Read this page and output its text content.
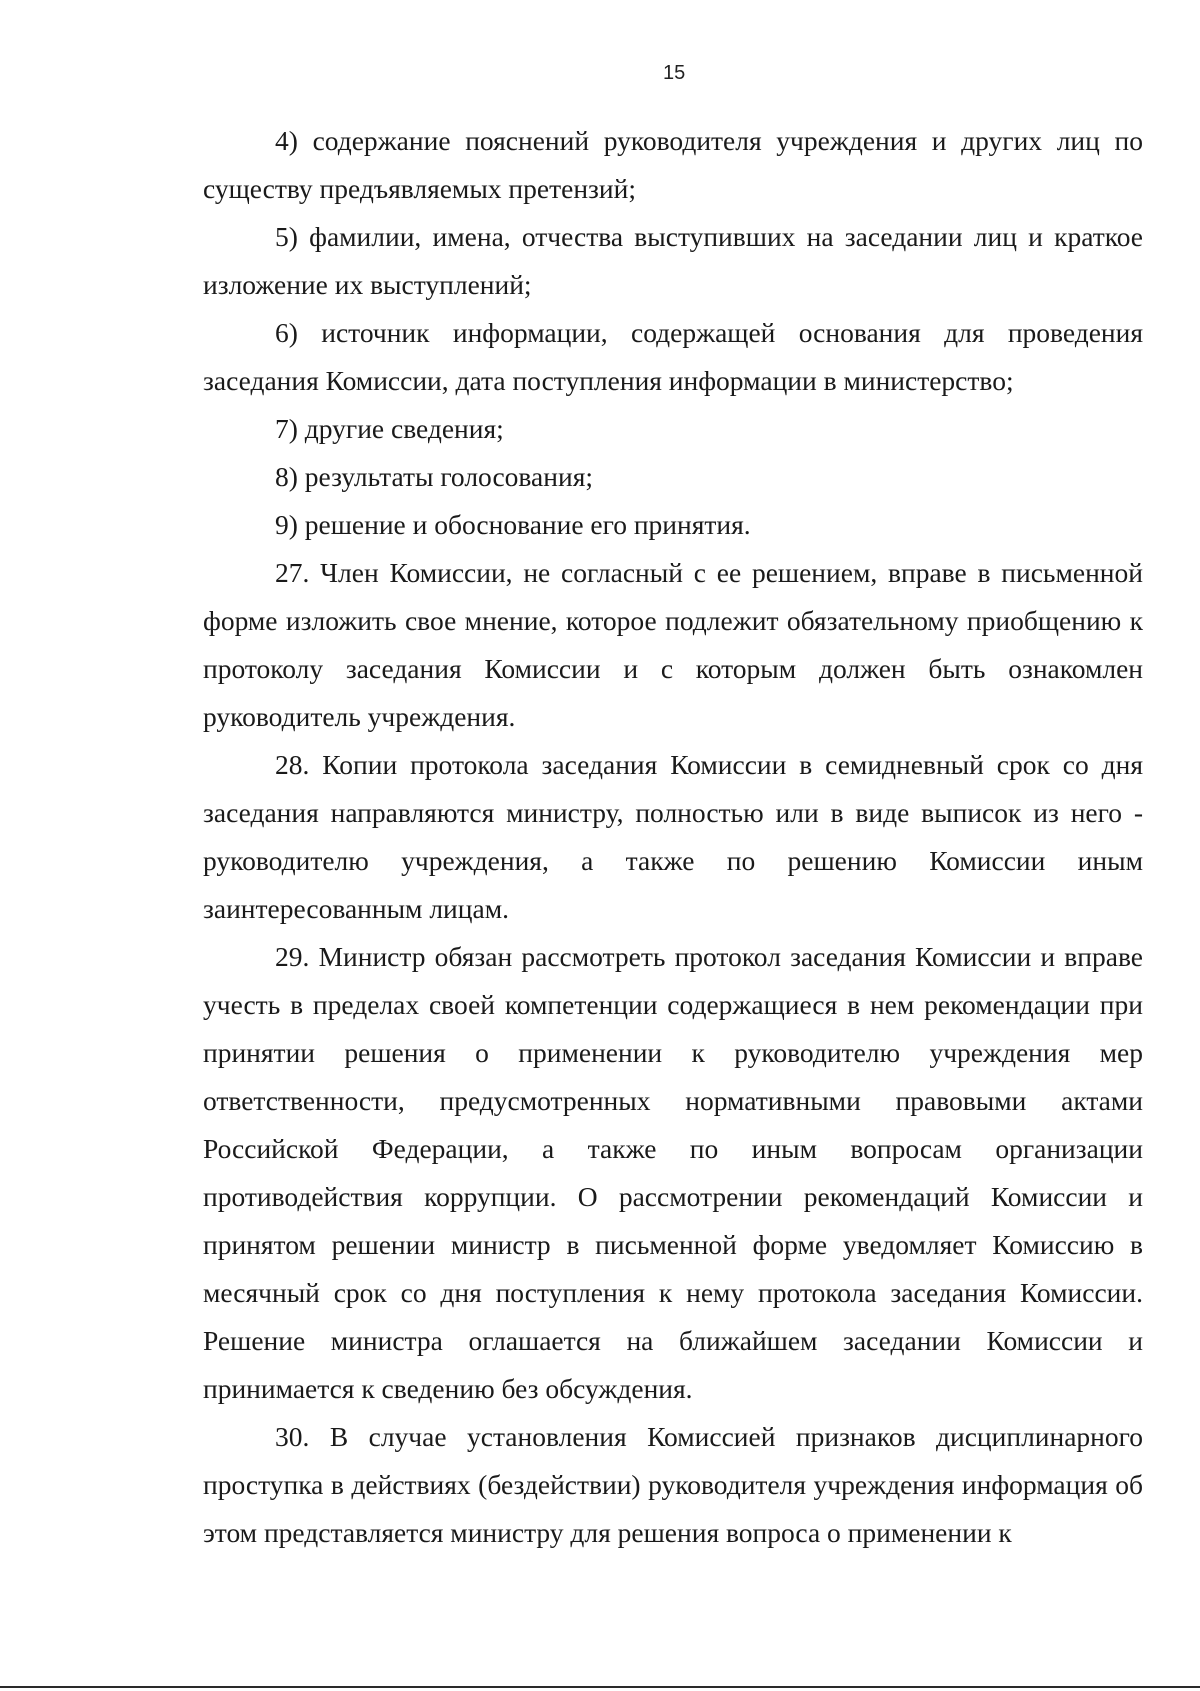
15

4) содержание пояснений руководителя учреждения и других лиц по существу предъявляемых претензий;

5) фамилии, имена, отчества выступивших на заседании лиц и краткое изложение их выступлений;

6) источник информации, содержащей основания для проведения заседания Комиссии, дата поступления информации в министерство;

7) другие сведения;

8) результаты голосования;

9) решение и обоснование его принятия.

27. Член Комиссии, не согласный с ее решением, вправе в письменной форме изложить свое мнение, которое подлежит обязательному приобщению к протоколу заседания Комиссии и с которым должен быть ознакомлен руководитель учреждения.

28. Копии протокола заседания Комиссии в семидневный срок со дня заседания направляются министру, полностью или в виде выписок из него - руководителю учреждения, а также по решению Комиссии иным заинтересованным лицам.

29. Министр обязан рассмотреть протокол заседания Комиссии и вправе учесть в пределах своей компетенции содержащиеся в нем рекомендации при принятии решения о применении к руководителю учреждения мер ответственности, предусмотренных нормативными правовыми актами Российской Федерации, а также по иным вопросам организации противодействия коррупции. О рассмотрении рекомендаций Комиссии и принятом решении министр в письменной форме уведомляет Комиссию в месячный срок со дня поступления к нему протокола заседания Комиссии. Решение министра оглашается на ближайшем заседании Комиссии и принимается к сведению без обсуждения.

30. В случае установления Комиссией признаков дисциплинарного проступка в действиях (бездействии) руководителя учреждения информация об этом представляется министру для решения вопроса о применении к
